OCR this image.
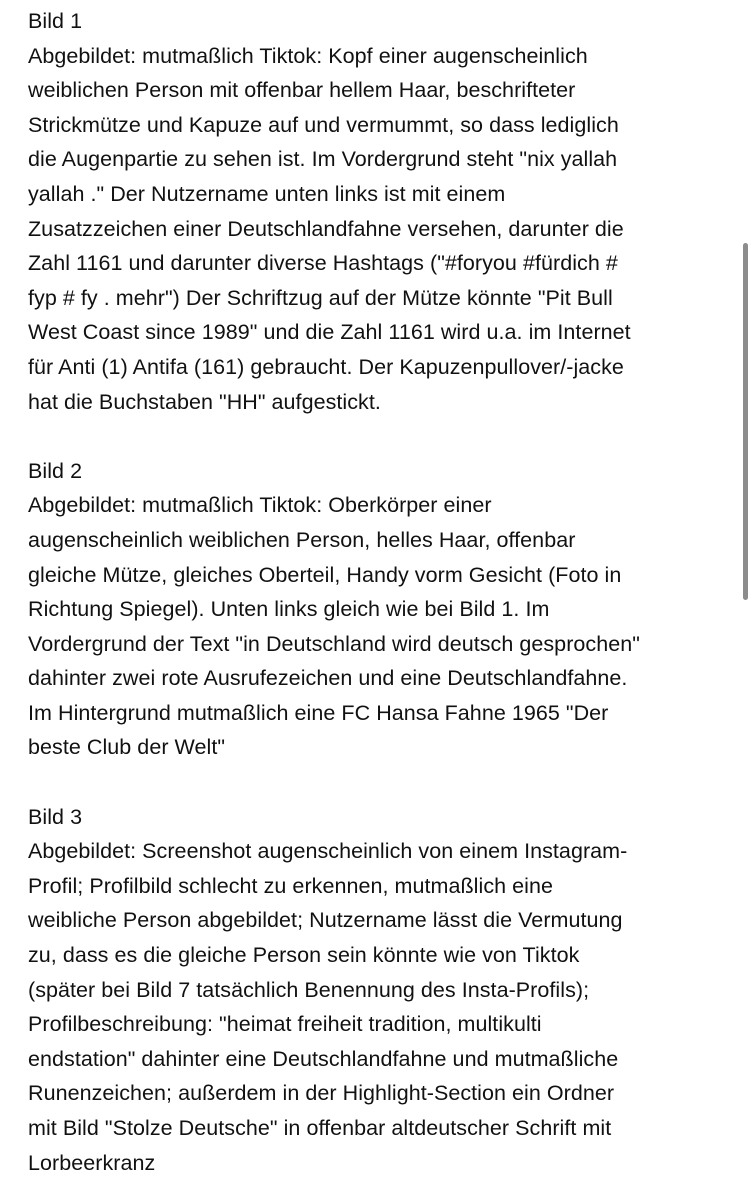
Bild 1
Abgebildet: mutmaßlich Tiktok: Kopf einer augenscheinlich
weiblichen Person mit offenbar hellem Haar, beschrifteter
Strickmütze und Kapuze auf und vermummt, so dass lediglich
die Augenpartie zu sehen ist. Im Vordergrund steht "nix yallah
yallah ." Der Nutzername unten links ist mit einem
Zusatzzeichen einer Deutschlandfahne versehen, darunter die
Zahl 1161 und darunter diverse Hashtags ("#foryou #fürdich #
fyp # fy . mehr") Der Schriftzug auf der Mütze könnte "Pit Bull
West Coast since 1989" und die Zahl 1161 wird u.a. im Internet
für Anti (1) Antifa (161) gebraucht. Der Kapuzenpullover/-jacke
hat die Buchstaben "HH" aufgestickt.
Bild 2
Abgebildet: mutmaßlich Tiktok: Oberkörper einer
augenscheinlich weiblichen Person, helles Haar, offenbar
gleiche Mütze, gleiches Oberteil, Handy vorm Gesicht (Foto in
Richtung Spiegel). Unten links gleich wie bei Bild 1. Im
Vordergrund der Text "in Deutschland wird deutsch gesprochen"
dahinter zwei rote Ausrufezeichen und eine Deutschlandfahne.
Im Hintergrund mutmaßlich eine FC Hansa Fahne 1965 "Der
beste Club der Welt"
Bild 3
Abgebildet: Screenshot augenscheinlich von einem Instagram-
Profil; Profilbild schlecht zu erkennen, mutmaßlich eine
weibliche Person abgebildet; Nutzername lässt die Vermutung
zu, dass es die gleiche Person sein könnte wie von Tiktok
(später bei Bild 7 tatsächlich Benennung des Insta-Profils);
Profilbeschreibung: "heimat freiheit tradition, multikulti
endstation" dahinter eine Deutschlandfahne und mutmaßliche
Runenzeichen; außerdem in der Highlight-Section ein Ordner
mit Bild "Stolze Deutsche" in offenbar altdeutscher Schrift mit
Lorbeerkranz
